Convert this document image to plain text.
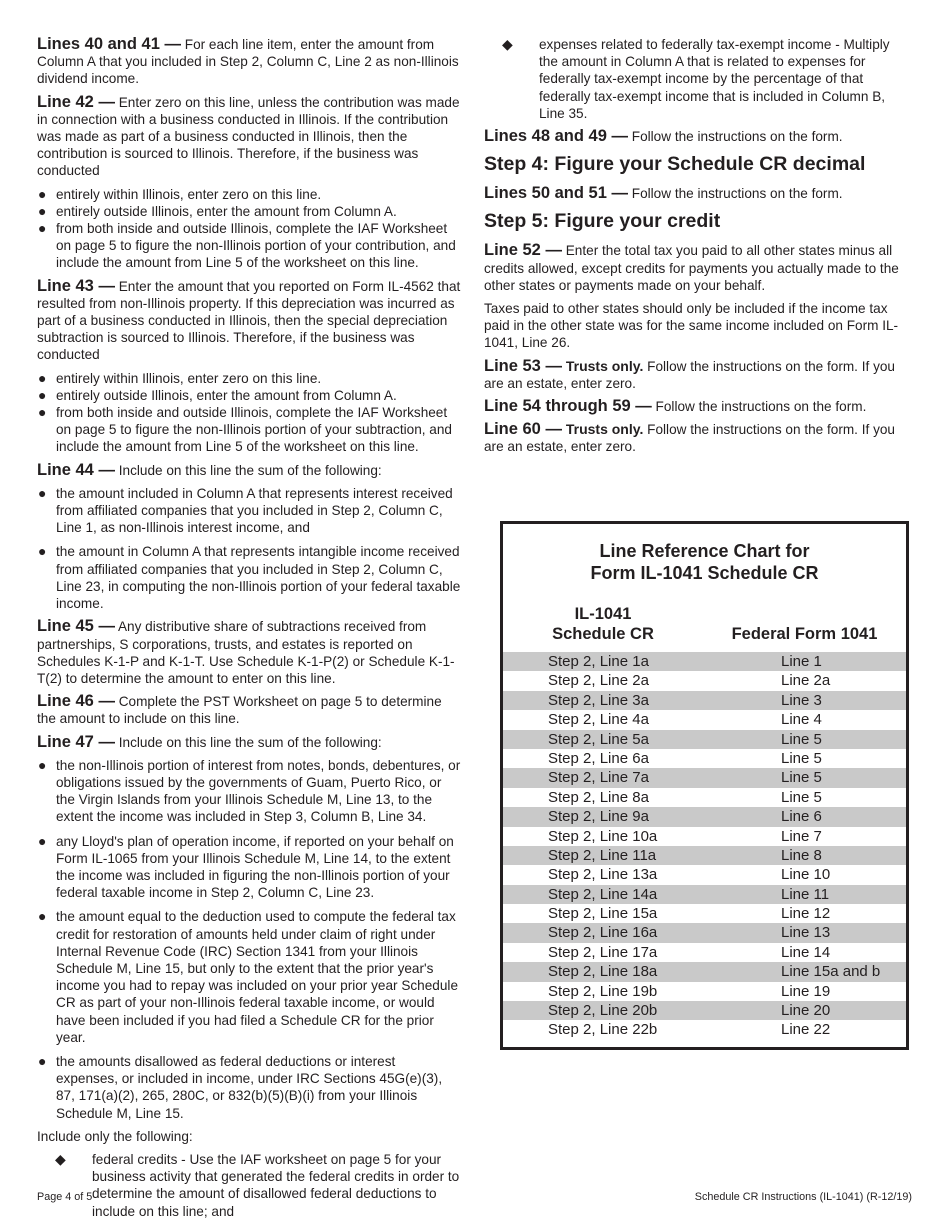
Lines 40 and 41 — For each line item, enter the amount from Column A that you included in Step 2, Column C, Line 2 as non-Illinois dividend income.

Line 42 — Enter zero on this line, unless the contribution was made in connection with a business conducted in Illinois. If the contribution was made as part of a business conducted in Illinois, then the contribution is sourced to Illinois. Therefore, if the business was conducted

● entirely within Illinois, enter zero on this line.
● entirely outside Illinois, enter the amount from Column A.
● from both inside and outside Illinois, complete the IAF Worksheet on page 5 to figure the non-Illinois portion of your contribution, and include the amount from Line 5 of the worksheet on this line.

Line 43 — Enter the amount that you reported on Form IL-4562 that resulted from non-Illinois property. If this depreciation was incurred as part of a business conducted in Illinois, then the special depreciation subtraction is sourced to Illinois. Therefore, if the business was conducted

● entirely within Illinois, enter zero on this line.
● entirely outside Illinois, enter the amount from Column A.
● from both inside and outside Illinois, complete the IAF Worksheet on page 5 to figure the non-Illinois portion of your subtraction, and include the amount from Line 5 of the worksheet on this line.

Line 44 — Include on this line the sum of the following:

● the amount included in Column A that represents interest received from affiliated companies that you included in Step 2, Column C, Line 1, as non-Illinois interest income, and
● the amount in Column A that represents intangible income received from affiliated companies that you included in Step 2, Column C, Line 23, in computing the non-Illinois portion of your federal taxable income.

Line 45 — Any distributive share of subtractions received from partnerships, S corporations, trusts, and estates is reported on Schedules K-1-P and K-1-T. Use Schedule K-1-P(2) or Schedule K-1-T(2) to determine the amount to enter on this line.

Line 46 — Complete the PST Worksheet on page 5 to determine the amount to include on this line.

Line 47 — Include on this line the sum of the following:

● the non-Illinois portion of interest from notes, bonds, debentures, or obligations issued by the governments of Guam, Puerto Rico, or the Virgin Islands from your Illinois Schedule M, Line 13, to the extent the income was included in Step 3, Column B, Line 34.
● any Lloyd's plan of operation income, if reported on your behalf on Form IL-1065 from your Illinois Schedule M, Line 14, to the extent the income was included in figuring the non-Illinois portion of your federal taxable income in Step 2, Column C, Line 23.
● the amount equal to the deduction used to compute the federal tax credit for restoration of amounts held under claim of right under Internal Revenue Code (IRC) Section 1341 from your Illinois Schedule M, Line 15, but only to the extent that the prior year's income you had to repay was included on your prior year Schedule CR as part of your non-Illinois federal taxable income, or would have been included if you had filed a Schedule CR for the prior year.
● the amounts disallowed as federal deductions or interest expenses, or included in income, under IRC Sections 45G(e)(3), 87, 171(a)(2), 265, 280C, or 832(b)(5)(B)(i) from your Illinois Schedule M, Line 15.

Include only the following:

◆ federal credits - Use the IAF worksheet on page 5 for your business activity that generated the federal credits in order to determine the amount of disallowed federal deductions to include on this line; and
◆ expenses related to federally tax-exempt income - Multiply the amount in Column A that is related to expenses for federally tax-exempt income by the percentage of that federally tax-exempt income that is included in Column B, Line 35.

Lines 48 and 49 — Follow the instructions on the form.

Step 4: Figure your Schedule CR decimal

Lines 50 and 51 — Follow the instructions on the form.

Step 5: Figure your credit

Line 52 — Enter the total tax you paid to all other states minus all credits allowed, except credits for payments you actually made to the other states or payments made on your behalf.

Taxes paid to other states should only be included if the income tax paid in the other state was for the same income included on Form IL-1041, Line 26.

Line 53 — Trusts only. Follow the instructions on the form. If you are an estate, enter zero.

Line 54 through 59 — Follow the instructions on the form.

Line 60 — Trusts only. Follow the instructions on the form. If you are an estate, enter zero.

Line Reference Chart for
Form IL-1041 Schedule CR
IL-1041
Schedule CR	Federal Form 1041
Step 2, Line 1a	Line 1
Step 2, Line 2a	Line 2a
Step 2, Line 3a	Line 3
Step 2, Line 4a	Line 4
Step 2, Line 5a	Line 5
Step 2, Line 6a	Line 5
Step 2, Line 7a	Line 5
Step 2, Line 8a	Line 5
Step 2, Line 9a	Line 6
Step 2, Line 10a	Line 7
Step 2, Line 11a	Line 8
Step 2, Line 13a	Line 10
Step 2, Line 14a	Line 11
Step 2, Line 15a	Line 12
Step 2, Line 16a	Line 13
Step 2, Line 17a	Line 14
Step 2, Line 18a	Line 15a and b
Step 2, Line 19b	Line 19
Step 2, Line 20b	Line 20
Step 2, Line 22b	Line 22
Page 4 of 5	Schedule CR Instructions (IL-1041) (R-12/19)
